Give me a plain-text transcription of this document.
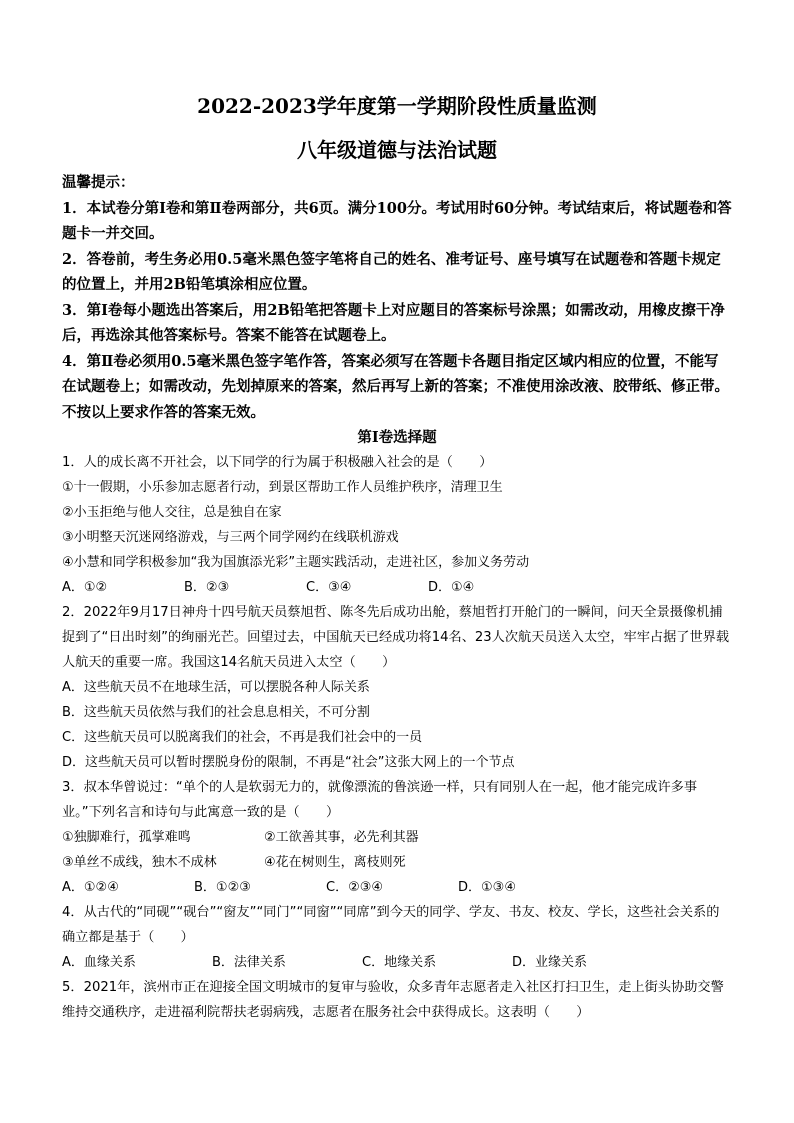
2022-2023学年度第一学期阶段性质量监测
八年级道德与法治试题

温馨提示：

1．本试卷分第Ⅰ卷和第Ⅱ卷两部分，共6页。满分100分。考试用时60分钟。考试结束后，将试题卷和答题卡一并交回。

2．答卷前，考生务必用0.5毫米黑色签字笔将自己的姓名、准考证号、座号填写在试题卷和答题卡规定的位置上，并用2B铅笔填涂相应位置。

3．第Ⅰ卷每小题选出答案后，用2B铅笔把答题卡上对应题目的答案标号涂黑；如需改动，用橡皮擦干净后，再选涂其他答案标号。答案不能答在试题卷上。

4．第Ⅱ卷必须用0.5毫米黑色签字笔作答，答案必须写在答题卡各题目指定区域内相应的位置，不能写在试题卷上；如需改动，先划掉原来的答案，然后再写上新的答案；不准使用涂改液、胶带纸、修正带。不按以上要求作答的答案无效。

第Ⅰ卷选择题

1．人的成长离不开社会，以下同学的行为属于积极融入社会的是（　　）

①十一假期，小乐参加志愿者行动，到景区帮助工作人员维护秩序，清理卫生

②小玉拒绝与他人交往，总是独自在家

③小明整天沉迷网络游戏，与三两个同学网约在线联机游戏

④小慧和同学积极参加“我为国旗添光彩”主题实践活动，走进社区，参加义务劳动

A．①②	B．②③	C．③④	D．①④

2．2022年9月17日神舟十四号航天员蔡旭哲、陈冬先后成功出舱，蔡旭哲打开舱门的一瞬间，问天全景摄像机捕捉到了“日出时刻”的绚丽光芒。回望过去，中国航天已经成功将14名、23人次航天员送入太空，牢牢占据了世界载人航天的重要一席。我国这14名航天员进入太空（　　）

A．这些航天员不在地球生活，可以摆脱各种人际关系

B．这些航天员依然与我们的社会息息相关，不可分割

C．这些航天员可以脱离我们的社会，不再是我们社会中的一员

D．这些航天员可以暂时摆脱身份的限制，不再是“社会”这张大网上的一个节点

3．叔本华曾说过：“单个的人是软弱无力的，就像漂流的鲁滨逊一样，只有同别人在一起，他才能完成许多事业。”下列名言和诗句与此寓意一致的是（　　）

①独脚难行，孤掌难鸣	②工欲善其事，必先利其器
③单丝不成线，独木不成林	④花在树则生，离枝则死
A．①②④	B．①②③	C．②③④	D．①③④

4．从古代的“同砚”“砚台”“窗友”“同门”“同窗”“同席”到今天的同学、学友、书友、校友、学长，这些社会关系的确立都是基于（　　）

A．血缘关系	B．法律关系	C．地缘关系	D．业缘关系

5．2021年，滨州市正在迎接全国文明城市的复审与验收，众多青年志愿者走入社区打扫卫生，走上街头协助交警维持交通秩序，走进福利院帮扶老弱病残，志愿者在服务社会中获得成长。这表明（　　）
